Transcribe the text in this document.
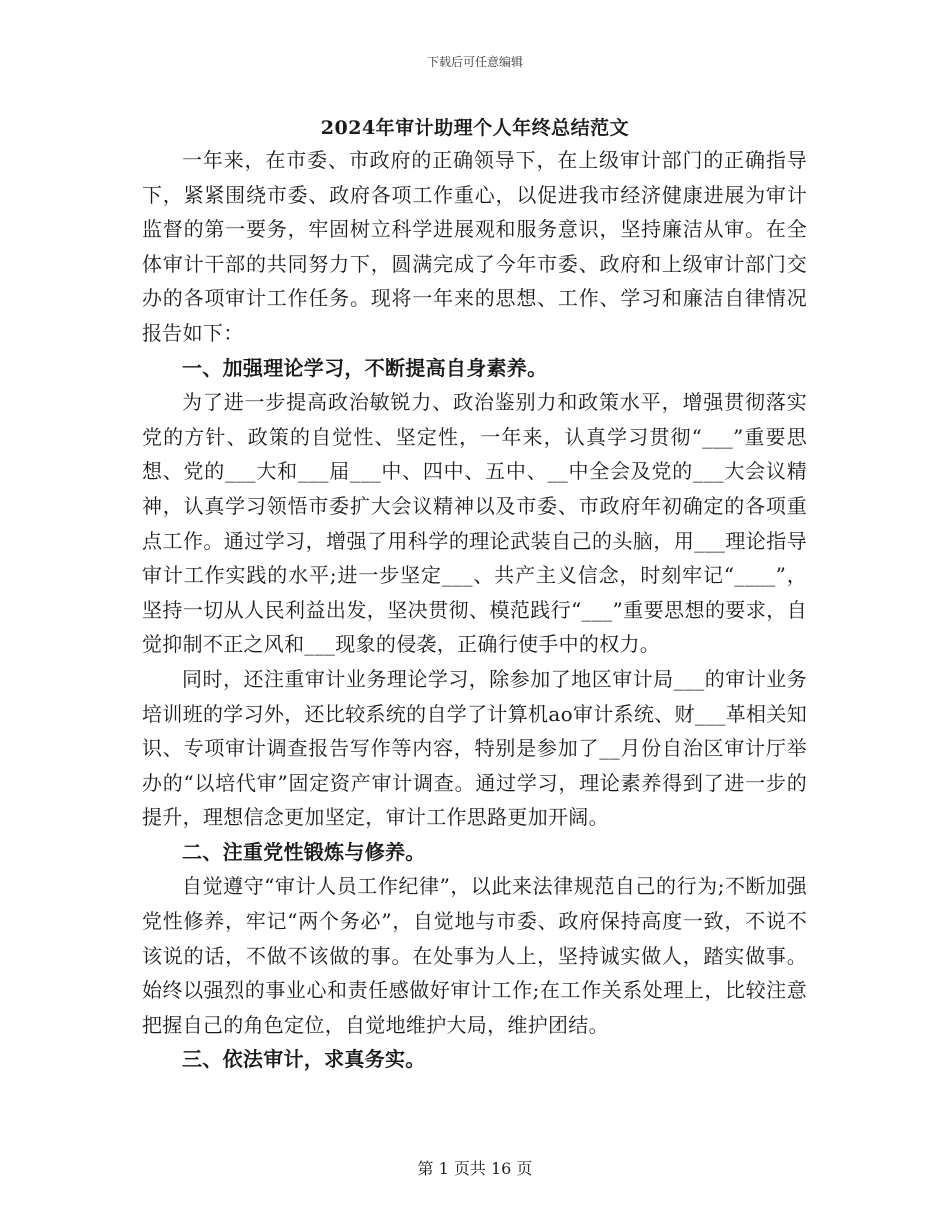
下载后可任意编辑
2024年审计助理个人年终总结范文

一年来，在市委、市政府的正确领导下，在上级审计部门的正确指导下，紧紧围绕市委、政府各项工作重心，以促进我市经济健康进展为审计监督的第一要务，牢固树立科学进展观和服务意识，坚持廉洁从审。在全体审计干部的共同努力下，圆满完成了今年市委、政府和上级审计部门交办的各项审计工作任务。现将一年来的思想、工作、学习和廉洁自律情况报告如下：

一、加强理论学习，不断提高自身素养。

为了进一步提高政治敏锐力、政治鉴别力和政策水平，增强贯彻落实党的方针、政策的自觉性、坚定性，一年来，认真学习贯彻“___”重要思想、党的___大和___届___中、四中、五中、__中全会及党的___大会议精神，认真学习领悟市委扩大会议精神以及市委、市政府年初确定的各项重点工作。通过学习，增强了用科学的理论武装自己的头脑，用___理论指导审计工作实践的水平;进一步坚定___、共产主义信念，时刻牢记“____”，坚持一切从人民利益出发，坚决贯彻、模范践行“___”重要思想的要求，自觉抑制不正之风和___现象的侵袭，正确行使手中的权力。

同时，还注重审计业务理论学习，除参加了地区审计局___的审计业务培训班的学习外，还比较系统的自学了计算机ao审计系统、财___革相关知识、专项审计调查报告写作等内容，特别是参加了__月份自治区审计厅举办的“以培代审”固定资产审计调查。通过学习，理论素养得到了进一步的提升，理想信念更加坚定，审计工作思路更加开阔。

二、注重党性锻炼与修养。

自觉遵守“审计人员工作纪律”，以此来法律规范自己的行为;不断加强党性修养，牢记“两个务必”，自觉地与市委、政府保持高度一致，不说不该说的话，不做不该做的事。在处事为人上，坚持诚实做人，踏实做事。始终以强烈的事业心和责任感做好审计工作;在工作关系处理上，比较注意把握自己的角色定位，自觉地维护大局，维护团结。

三、依法审计，求真务实。

第 1 页共 16 页
